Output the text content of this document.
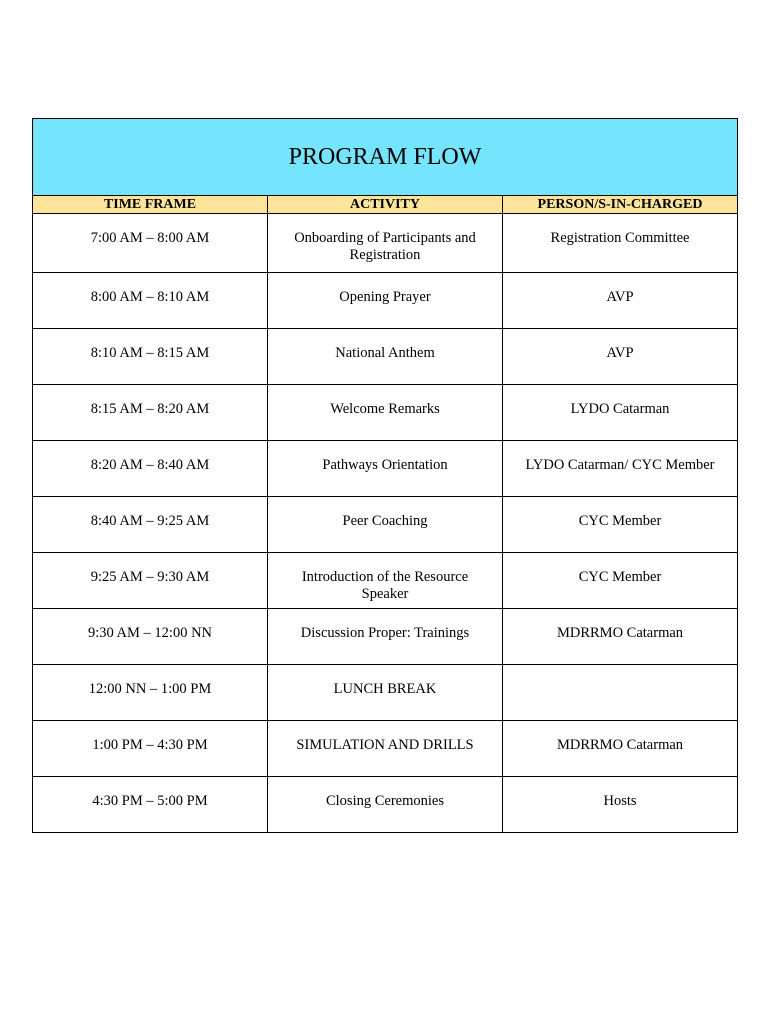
PROGRAM FLOW		
TIME FRAME	ACTIVITY	PERSON/S-IN-CHARGED
7:00 AM – 8:00 AM	Onboarding of Participants and Registration	Registration Committee
8:00 AM – 8:10 AM	Opening Prayer	AVP
8:10 AM – 8:15 AM	National Anthem	AVP
8:15 AM – 8:20 AM	Welcome Remarks	LYDO Catarman
8:20 AM – 8:40 AM	Pathways Orientation	LYDO Catarman/ CYC Member
8:40 AM – 9:25 AM	Peer Coaching	CYC Member
9:25 AM – 9:30 AM	Introduction of the Resource Speaker	CYC Member
9:30 AM – 12:00 NN	Discussion Proper: Trainings	MDRRMO Catarman
12:00 NN – 1:00 PM	LUNCH BREAK	
1:00 PM – 4:30 PM	SIMULATION AND DRILLS	MDRRMO Catarman
4:30 PM – 5:00 PM	Closing Ceremonies	Hosts
